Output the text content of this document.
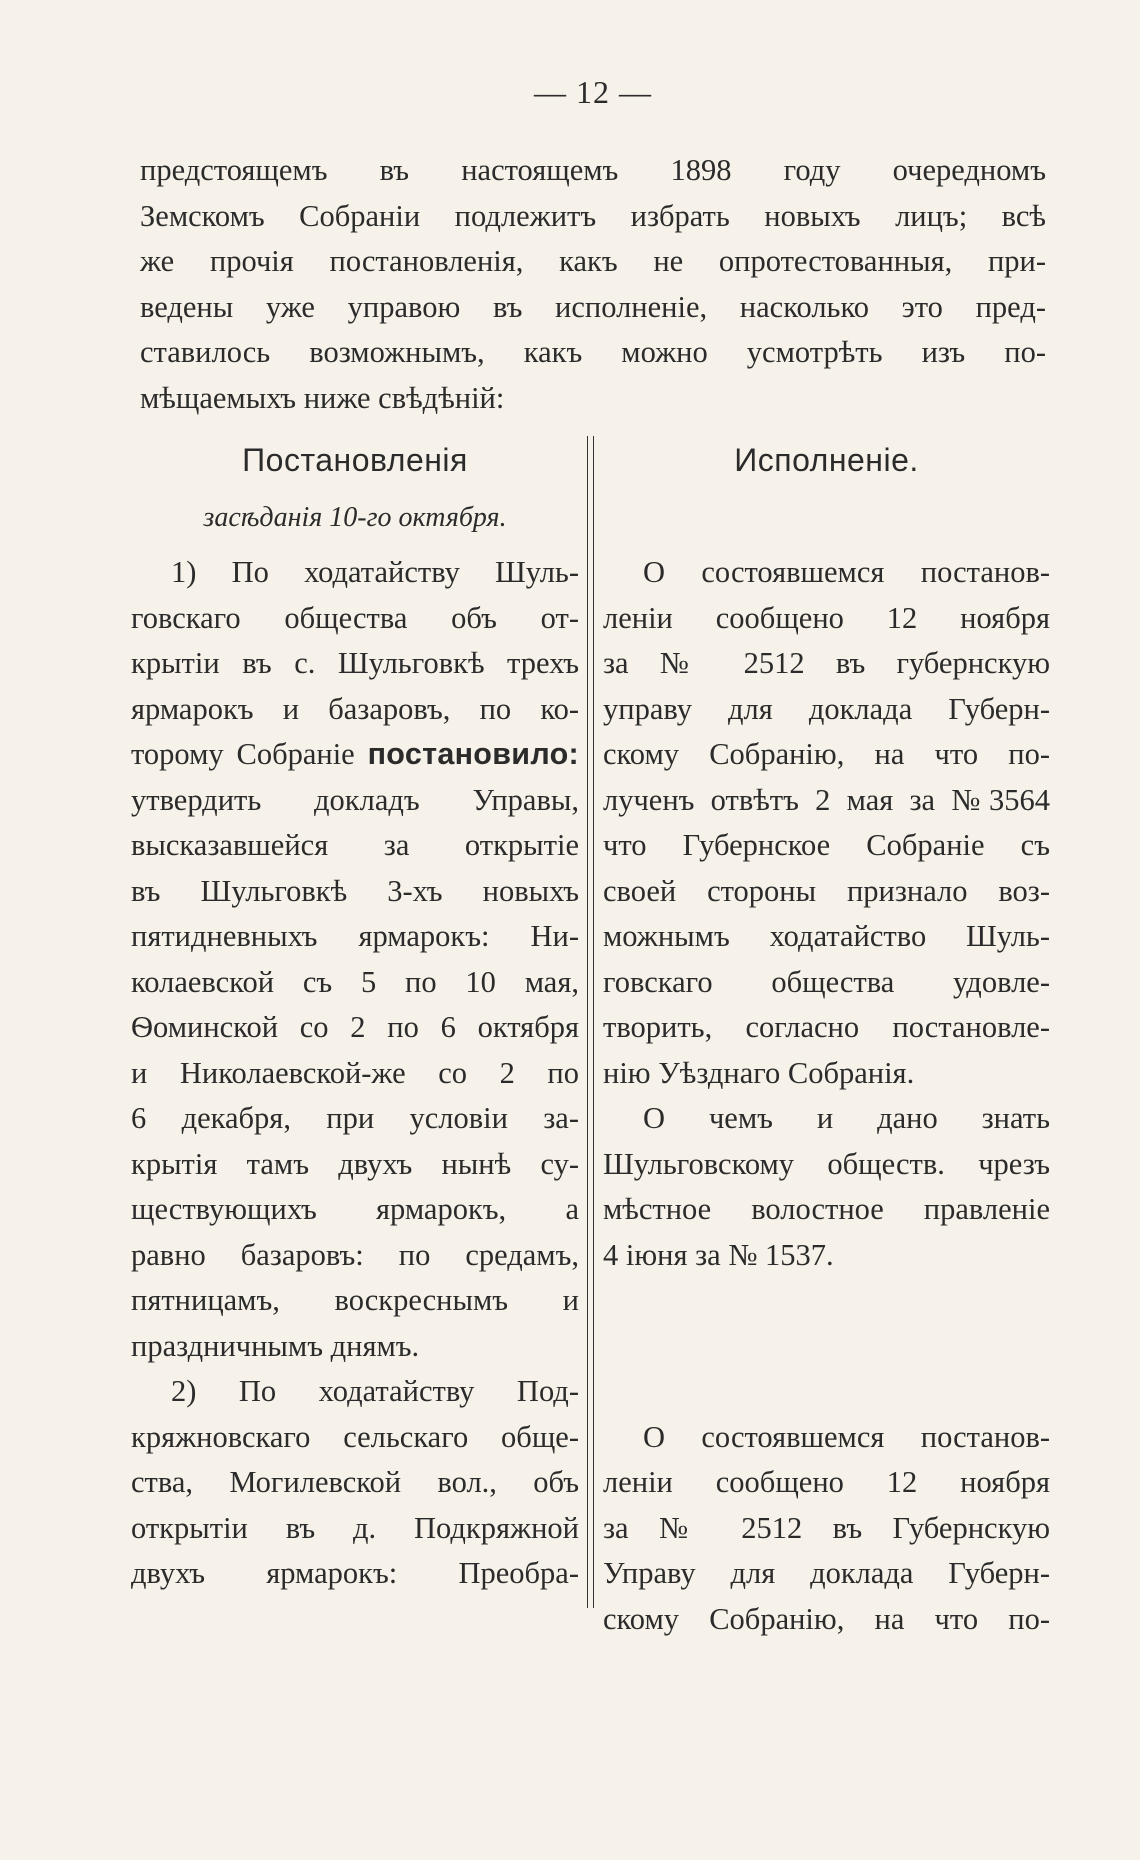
— 12 —
предстоящемъ въ настоящемъ 1898 году очередномъ
Земскомъ Собраніи подлежитъ избрать новыхъ лицъ; всѣ
же прочія постановленія, какъ не опротестованныя, при-
ведены уже управою въ исполненіе, насколько это пред-
ставилось возможнымъ, какъ можно усмотрѣть изъ по-
мѣщаемыхъ ниже свѣдѣній:
Постановленія
засѣданія 10-го октября.
1) По ходатайству Шуль-
говскаго общества объ от-
крытіи въ с. Шульговкѣ трехъ
ярмарокъ и базаровъ, по ко-
торому Собраніе постановило:
утвердить докладъ Управы,
высказавшейся за открытіе
въ Шульговкѣ 3-хъ новыхъ
пятидневныхъ ярмарокъ: Ни-
колаевской съ 5 по 10 мая,
Ѳоминской со 2 по 6 октября
и Николаевской-же со 2 по
6 декабря, при условіи за-
крытія тамъ двухъ нынѣ су-
ществующихъ ярмарокъ, а
равно базаровъ: по средамъ,
пятницамъ, воскреснымъ и
праздничнымъ днямъ.
2) По ходатайству Под-
кряжновскаго сельскаго обще-
ства, Могилевской вол., объ
открытіи въ д. Подкряжной
двухъ ярмарокъ: Преобра-
Исполненіе.
О состоявшемся постанов-
леніи сообщено 12 ноября
за № 2512 въ губернскую
управу для доклада Губерн-
скому Собранію, на что по-
лученъ отвѣтъ 2 мая за №3564
что Губернское Собраніе съ
своей стороны признало воз-
можнымъ ходатайство Шуль-
говскаго общества удовле-
творить, согласно постановле-
нію Уѣзднаго Собранія.
О чемъ и дано знать
Шульговскому обществ. чрезъ
мѣстное волостное правленіе
4 іюня за № 1537.
О состоявшемся постанов-
леніи сообщено 12 ноября
за № 2512 въ Губернскую
Управу для доклада Губерн-
скому Собранію, на что по-
